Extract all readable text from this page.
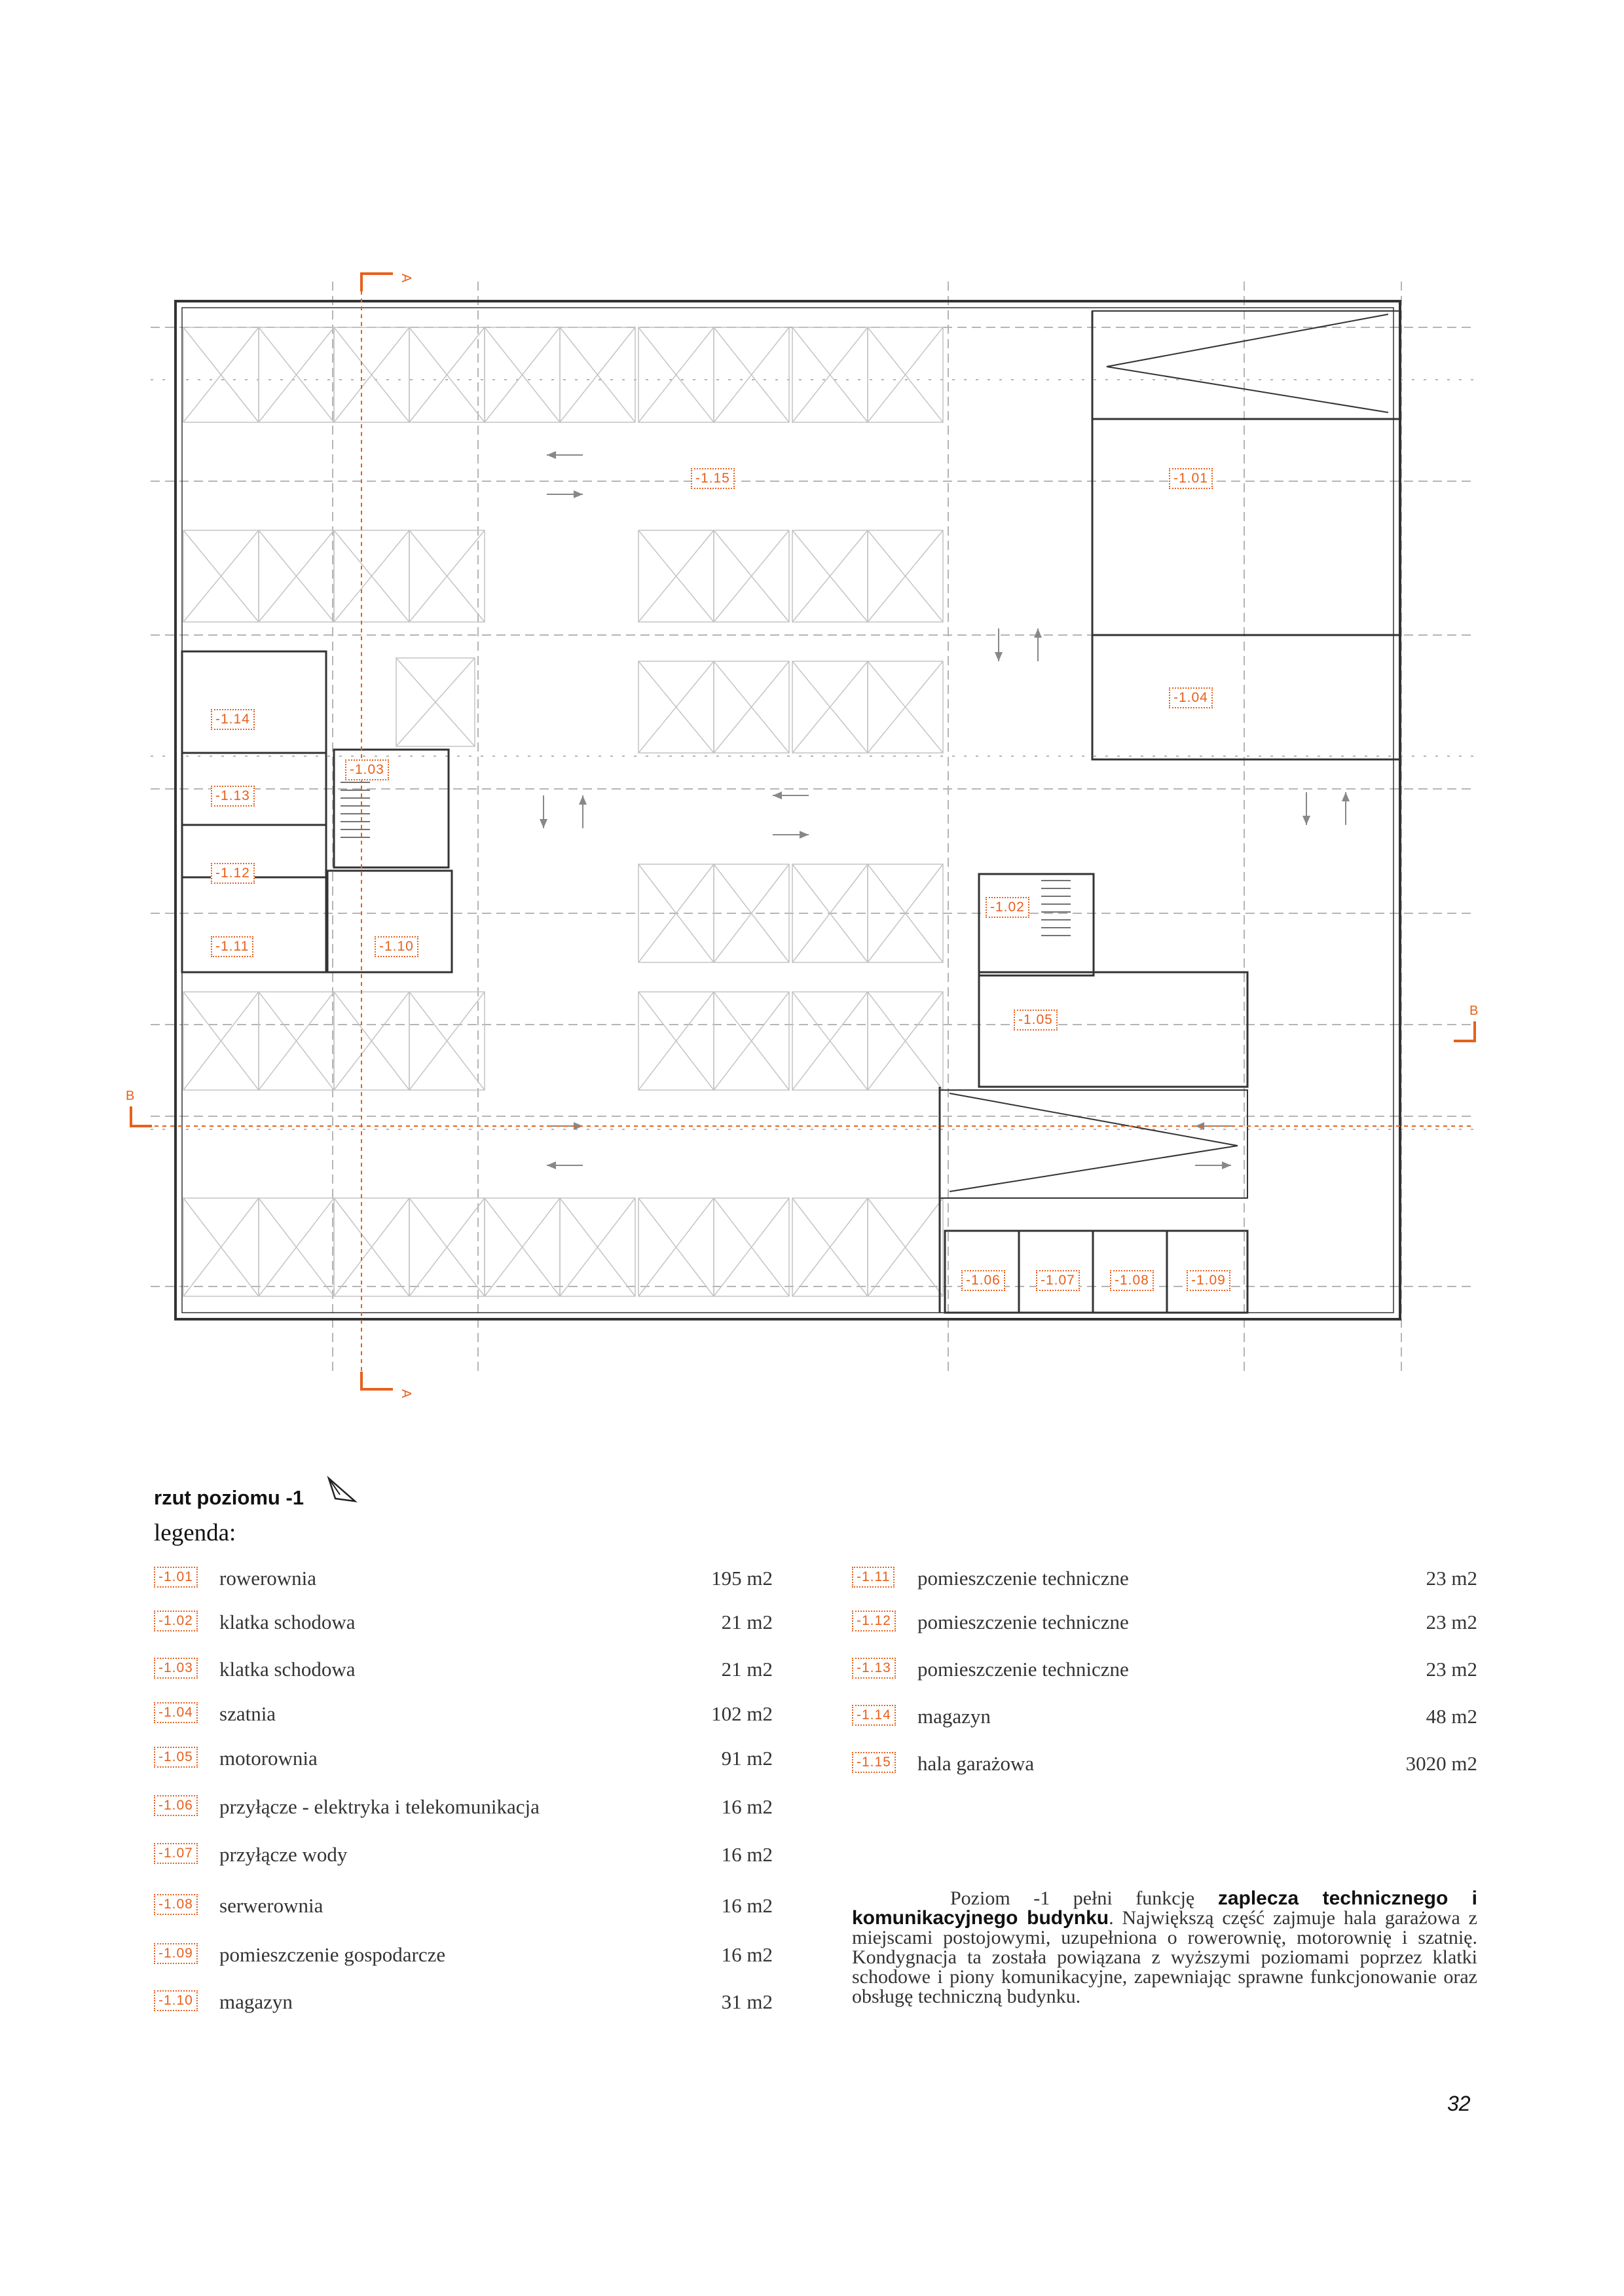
A
A
B
B
-1.15	-1.01
-1.04
-1.14
-1.03
-1.13
-1.12
-1.02
-1.11	-1.10
-1.05
-1.06	-1.07	-1.08	-1.09
rzut poziomu -1
legenda:
-1.01 rowerownia	195 m2
-1.02 klatka schodowa	21 m2
-1.03 klatka schodowa	21 m2
-1.04 szatnia	102 m2
-1.05 motorownia	91 m2
-1.06 przyłącze - elektryka i telekomunikacja	16 m2
-1.07 przyłącze wody	16 m2
-1.08 serwerownia	16 m2
-1.09 pomieszczenie gospodarcze	16 m2
-1.10 magazyn	31 m2
-1.11 pomieszczenie techniczne	23 m2
-1.12 pomieszczenie techniczne	23 m2
-1.13 pomieszczenie techniczne	23 m2
-1.14 magazyn	48 m2
-1.15 hala garażowa	3020 m2
Poziom -1 pełni funkcję zaplecza technicznego i komunikacyjnego budynku. Największą część zajmuje hala garażowa z miejscami postojowymi, uzupełniona o rowerownię, motorownię i szatnię. Kondygnacja ta została powiązana z wyższymi poziomami poprzez klatki schodowe i piony komunikacyjne, zapewniając sprawne funkcjonowanie oraz obsługę techniczną budynku.
32
